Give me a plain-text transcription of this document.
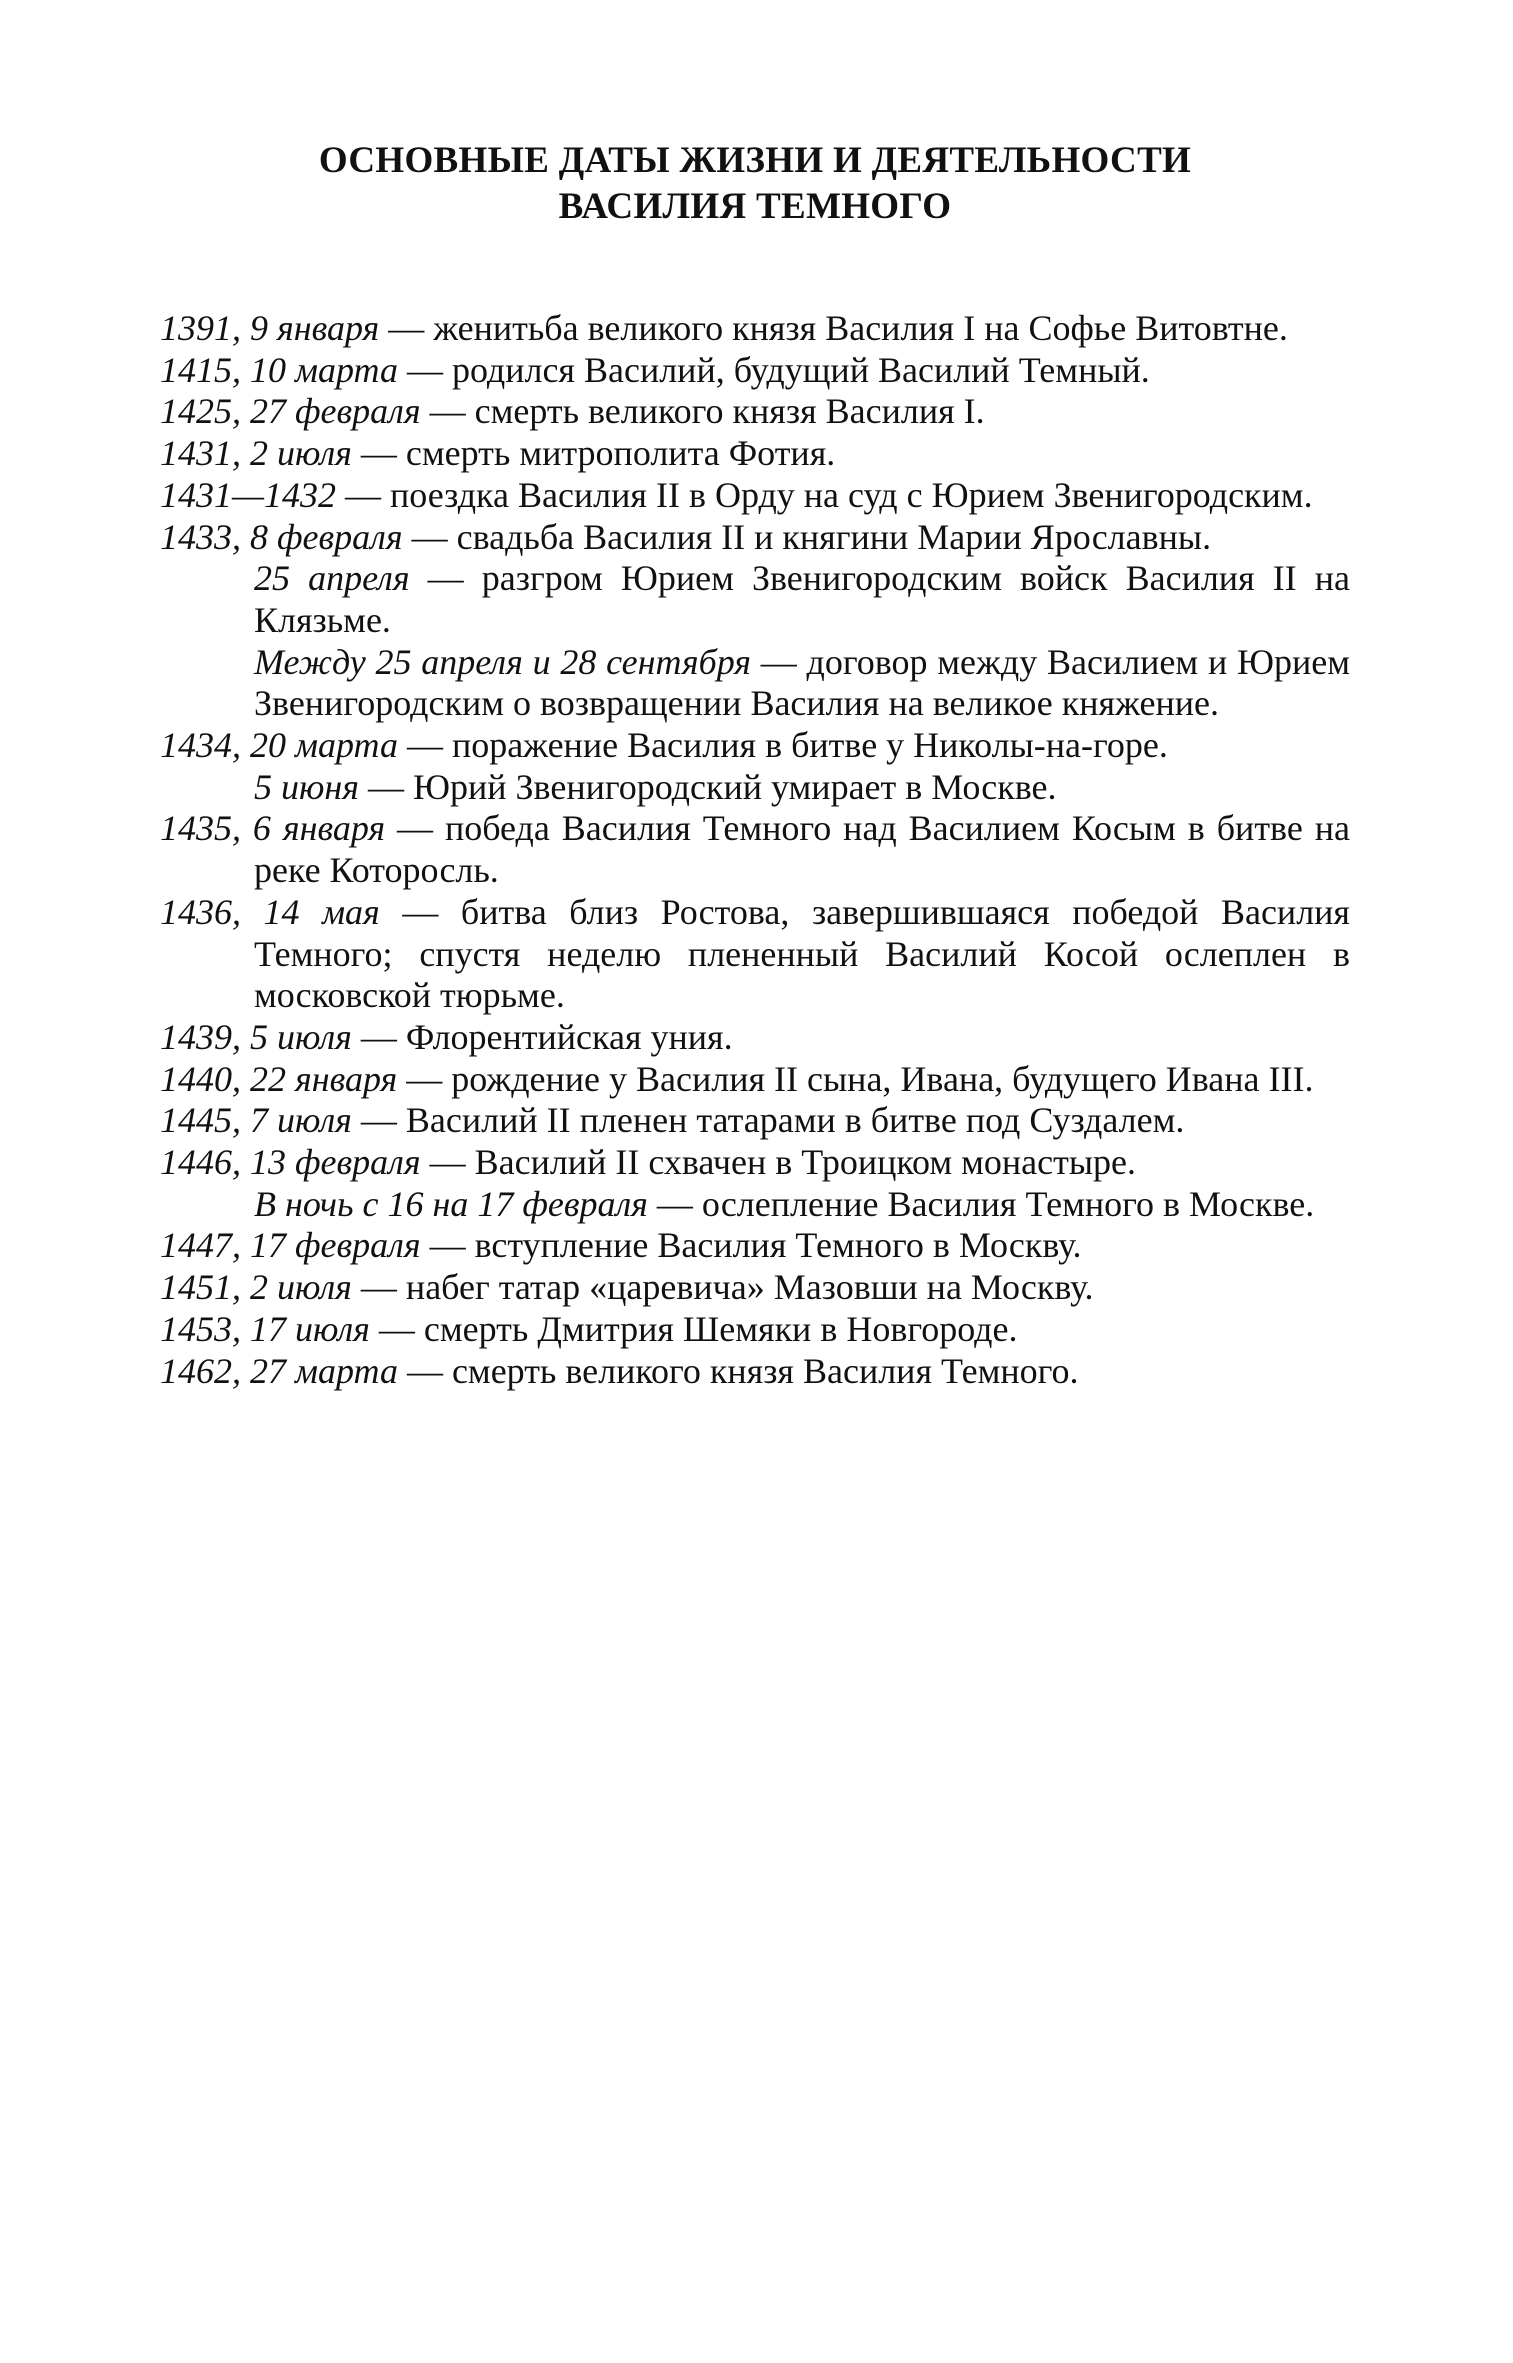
ОСНОВНЫЕ ДАТЫ ЖИЗНИ И ДЕЯТЕЛЬНОСТИ
ВАСИЛИЯ ТЕМНОГО

1391, 9 января — женитьба великого князя Василия I на Софье Витовтне.

1415, 10 марта — родился Василий, будущий Василий Темный.

1425, 27 февраля — смерть великого князя Василия I.

1431, 2 июля — смерть митрополита Фотия.

1431—1432 — поездка Василия II в Орду на суд с Юрием Звенигородским.

1433, 8 февраля — свадьба Василия II и княгини Марии Ярославны.

25 апреля — разгром Юрием Звенигородским войск Василия II на Клязьме.

Между 25 апреля и 28 сентября — договор между Василием и Юрием Звенигородским о возвращении Василия на великое княжение.

1434, 20 марта — поражение Василия в битве у Николы-на-горе.

5 июня — Юрий Звенигородский умирает в Москве.

1435, 6 января — победа Василия Темного над Василием Косым в битве на реке Которосль.

1436, 14 мая — битва близ Ростова, завершившаяся победой Василия Темного; спустя неделю плененный Василий Косой ослеплен в московской тюрьме.

1439, 5 июля — Флорентийская уния.

1440, 22 января — рождение у Василия II сына, Ивана, будущего Ивана III.

1445, 7 июля — Василий II пленен татарами в битве под Суздалем.

1446, 13 февраля — Василий II схвачен в Троицком монастыре.

В ночь с 16 на 17 февраля — ослепление Василия Темного в Москве.

1447, 17 февраля — вступление Василия Темного в Москву.

1451, 2 июля — набег татар «царевича» Мазовши на Москву.

1453, 17 июля — смерть Дмитрия Шемяки в Новгороде.

1462, 27 марта — смерть великого князя Василия Темного.
